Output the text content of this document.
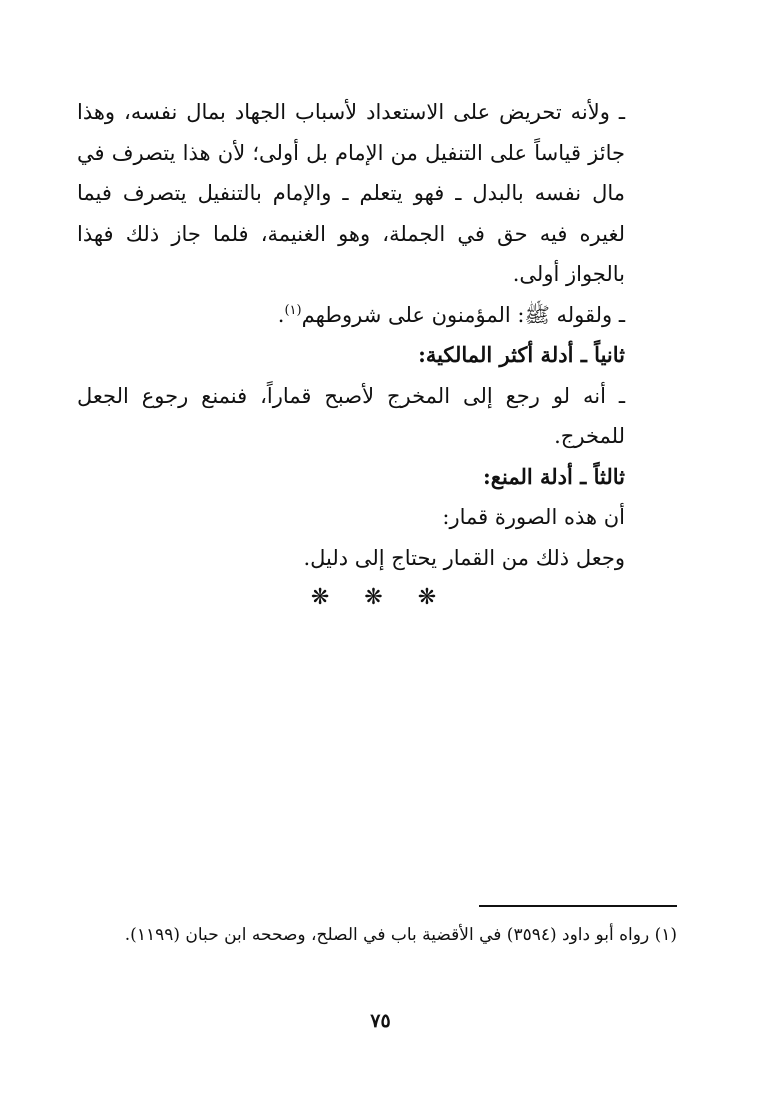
ـ ولأنه تحريض على الاستعداد لأسباب الجهاد بمال نفسه، وهذا جائز قياساً على التنفيل من الإمام بل أولى؛ لأن هذا يتصرف في مال نفسه بالبدل ـ فهو يتعلم ـ والإمام بالتنفيل يتصرف فيما لغيره فيه حق في الجملة، وهو الغنيمة، فلما جاز ذلك فهذا بالجواز أولى.

ـ ولقوله ﷺ: المؤمنون على شروطهم$^{(١)}$.

ثانياً ـ أدلة أكثر المالكية:

ـ أنه لو رجع إلى المخرج لأصبح قماراً، فنمنع رجوع الجعل للمخرج.

ثالثاً ـ أدلة المنع:

أن هذه الصورة قمار:

وجعل ذلك من القمار يحتاج إلى دليل.

❋ ❋ ❋

(١) رواه أبو داود (٣٥٩٤) في الأقضية باب في الصلح، وصححه ابن حبان (١١٩٩).

٧٥
